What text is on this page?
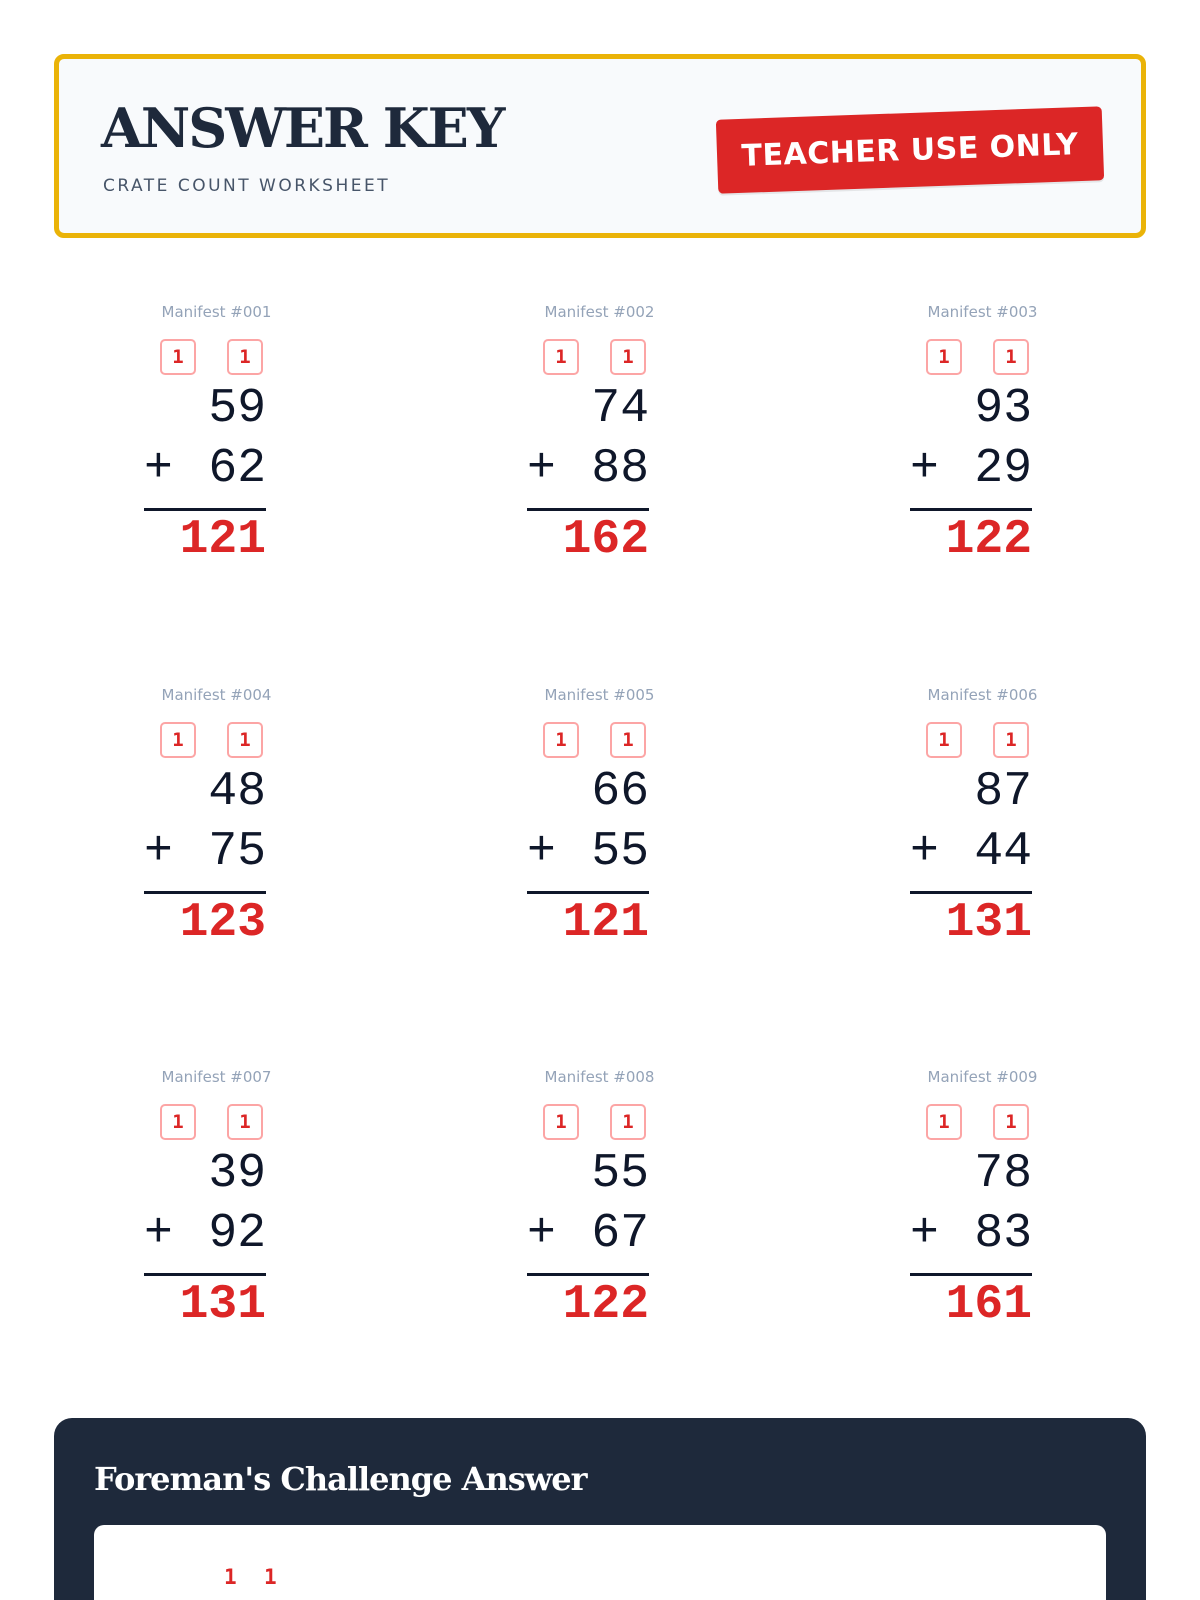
ANSWER KEY
CRATE COUNT WORKSHEET
TEACHER USE ONLY
Manifest #001
1	1
59
+ 62
121
Manifest #002
1	1
74
+ 88
162
Manifest #003
1	1
93
+ 29
122
Manifest #004
1	1
48
+ 75
123
Manifest #005
1	1
66
+ 55
121
Manifest #006
1	1
87
+ 44
131
Manifest #007
1	1
39
+ 92
131
Manifest #008
1	1
55
+ 67
122
Manifest #009
1	1
78
+ 83
161
Foreman's Challenge Answer
1 1
